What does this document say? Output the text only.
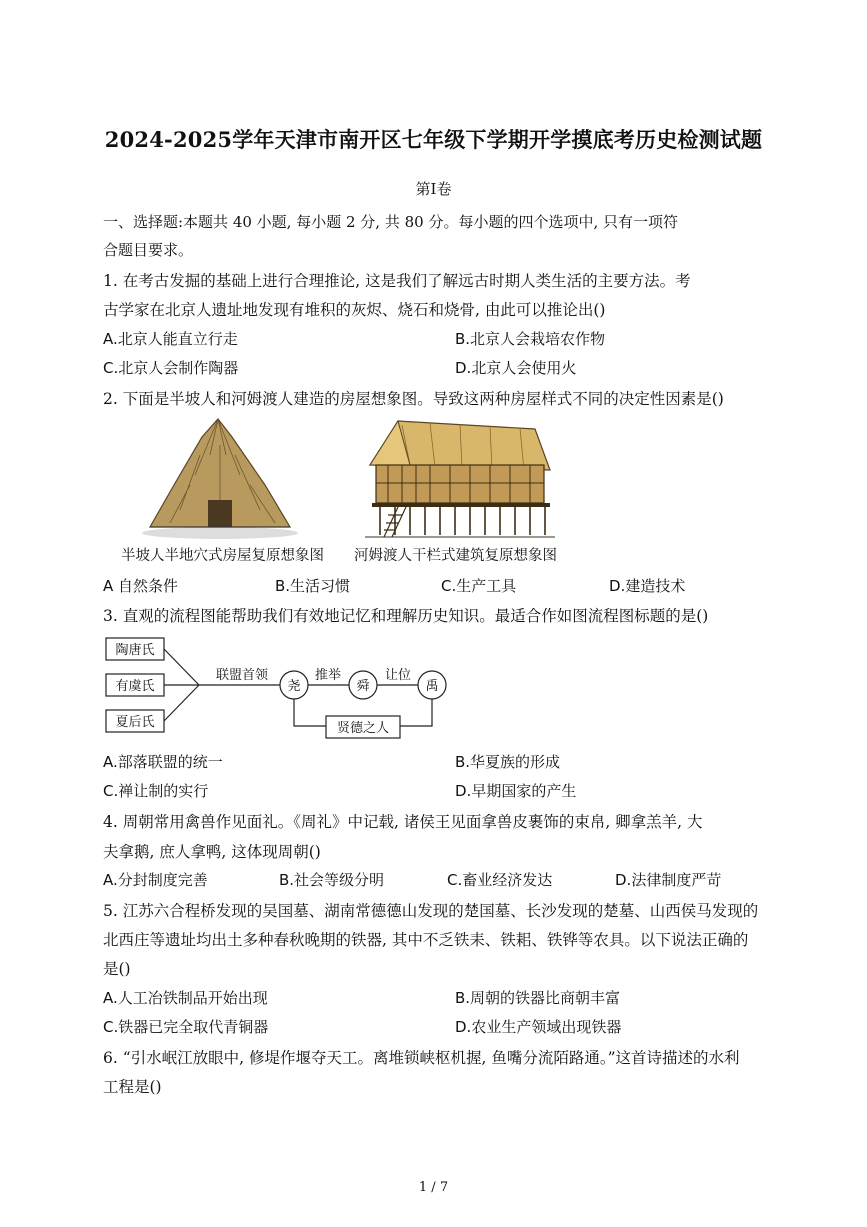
2024-2025学年天津市南开区七年级下学期开学摸底考历史检测试题
第I卷
一、选择题:本题共 40 小题, 每小题 2 分, 共 80 分。每小题的四个选项中, 只有一项符
合题目要求。
1. 在考古发掘的基础上进行合理推论, 这是我们了解远古时期人类生活的主要方法。考
古学家在北京人遗址地发现有堆积的灰烬、烧石和烧骨, 由此可以推论出()
A.北京人能直立行走	B.北京人会栽培农作物
C.北京人会制作陶器	D.北京人会使用火
2. 下面是半坡人和河姆渡人建造的房屋想象图。导致这两种房屋样式不同的决定性因素是()
半坡人半地穴式房屋复原想象图 河姆渡人干栏式建筑复原想象图
A 自然条件	B.生活习惯	C.生产工具	D.建造技术
3. 直观的流程图能帮助我们有效地记忆和理解历史知识。最适合作如图流程图标题的是()
陶唐氏
有虞氏
夏后氏
联盟首领
尧
推举
舜
让位
禹
贤德之人
A.部落联盟的统一	B.华夏族的形成
C.禅让制的实行	D.早期国家的产生
4. 周朝常用禽兽作见面礼。《周礼》中记载, 诸侯王见面拿兽皮裹饰的束帛, 卿拿羔羊, 大
夫拿鹅, 庶人拿鸭, 这体现周朝()
A.分封制度完善	B.社会等级分明	C.畜业经济发达	D.法律制度严苛
5. 江苏六合程桥发现的吴国墓、湖南常德德山发现的楚国墓、长沙发现的楚墓、山西侯马发现的
北西庄等遗址均出土多种春秋晚期的铁器, 其中不乏铁耒、铁耜、铁铧等农具。以下说法正确的
是()
A.人工冶铁制品开始出现	B.周朝的铁器比商朝丰富
C.铁器已完全取代青铜器	D.农业生产领域出现铁器
6. “引水岷江放眼中, 修堤作堰夺天工。离堆锁峡枢机握, 鱼嘴分流陌路通。”这首诗描述的水利
工程是()
1 / 7
